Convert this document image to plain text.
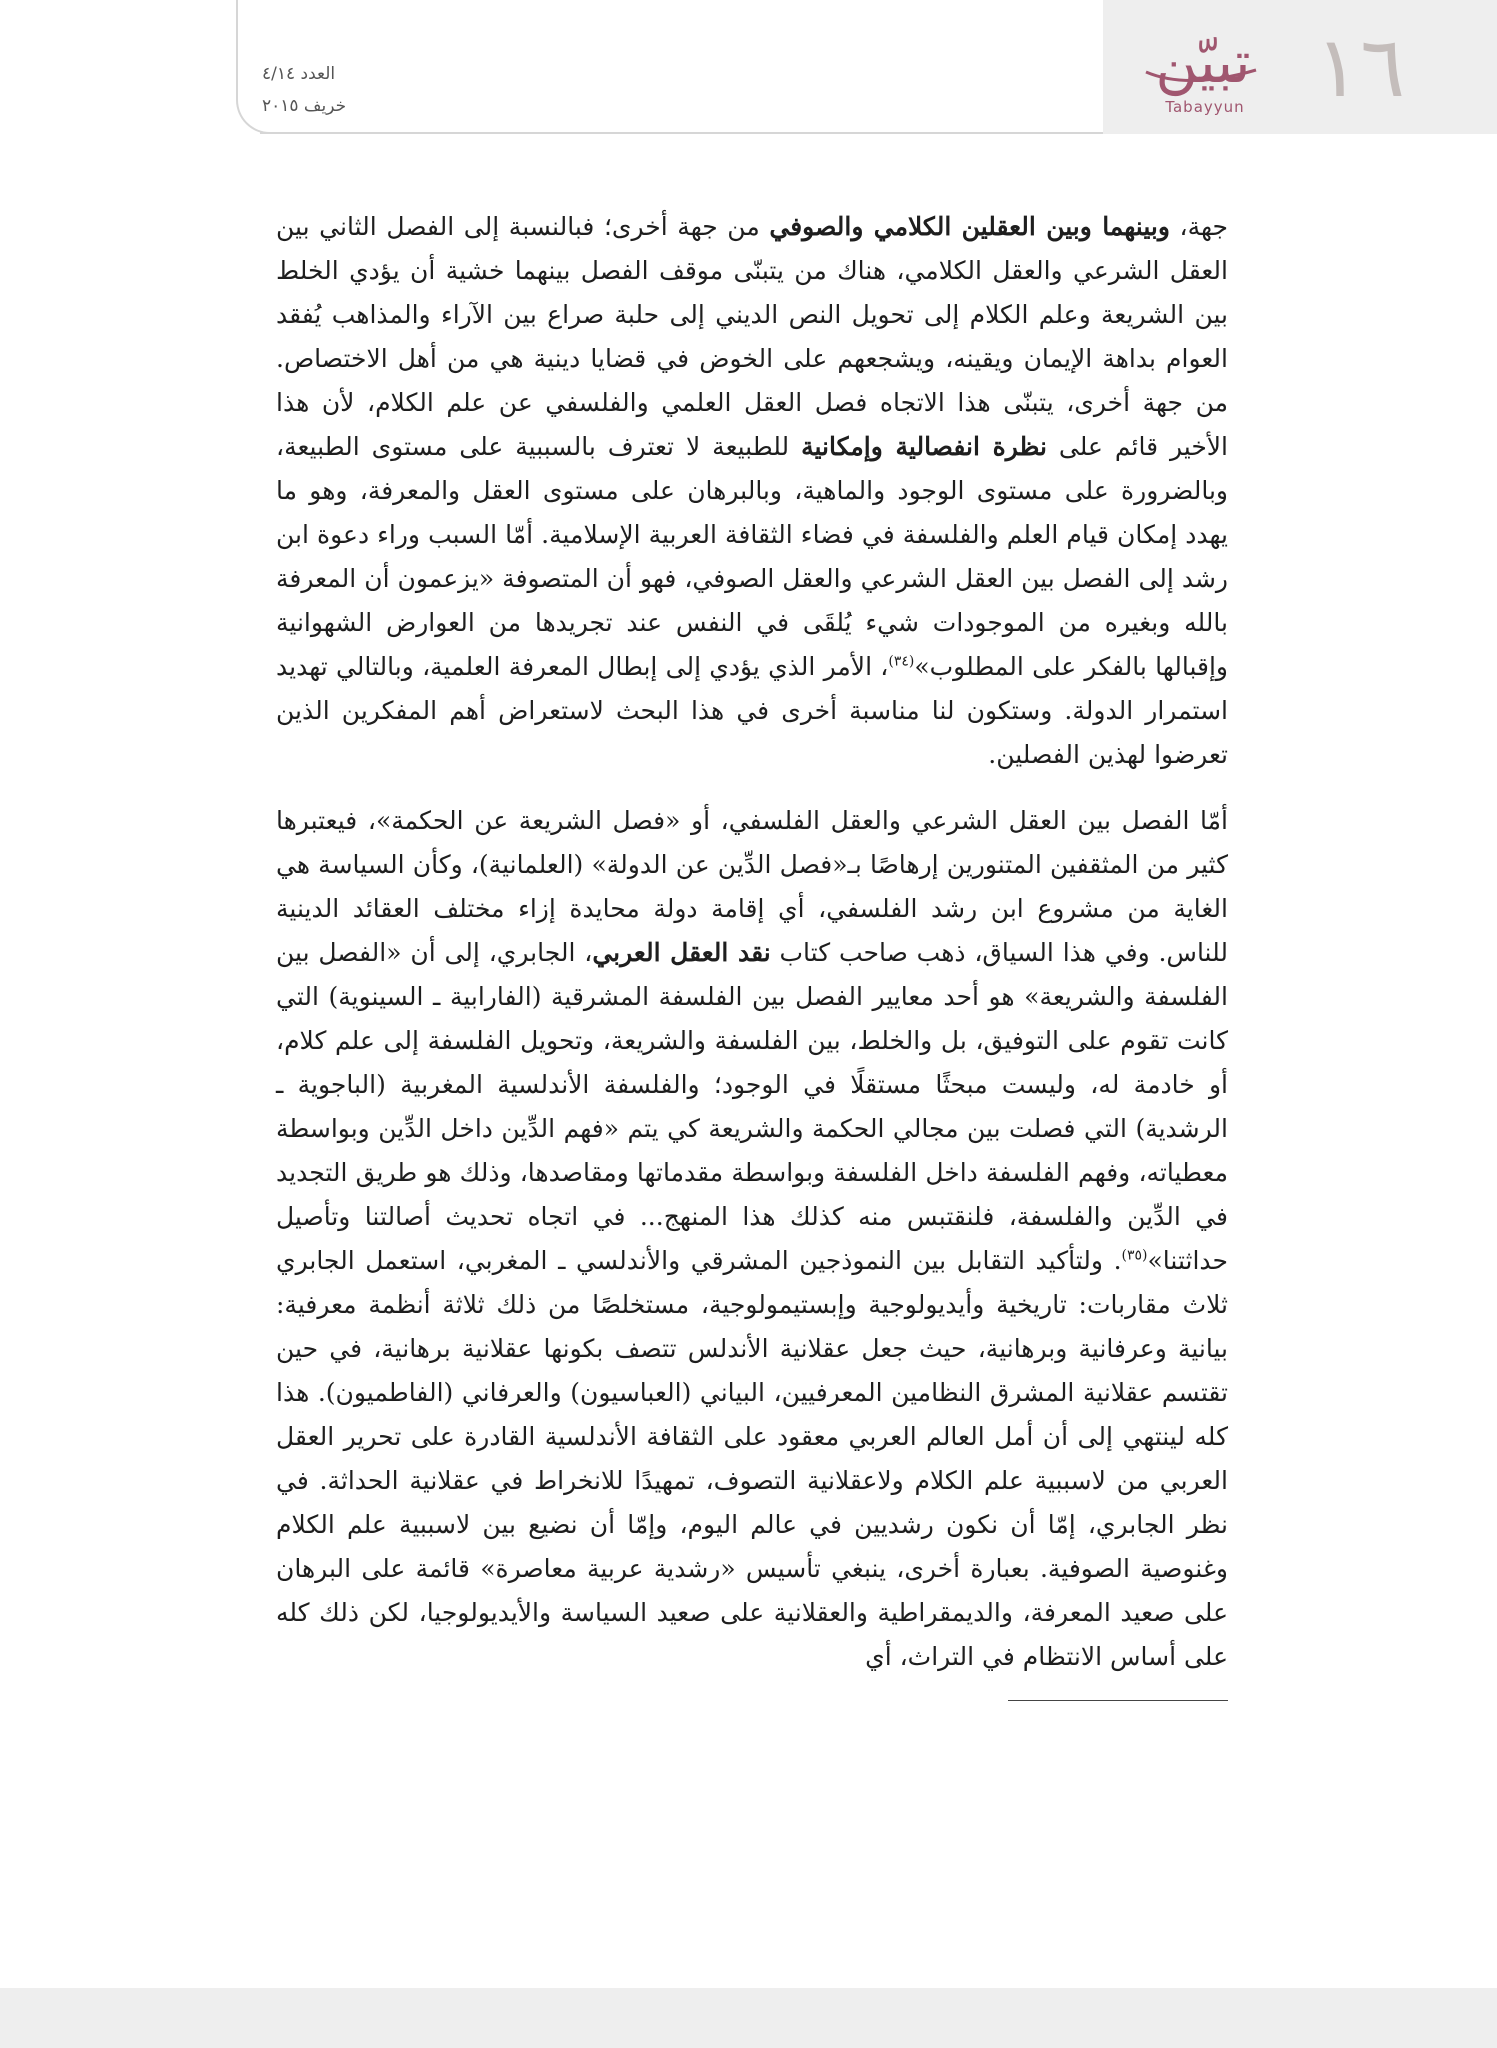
العدد ٤/١٤
خريف ٢٠١٥	١٦
تبيّن
Tabayyun

جهة، وبينهما وبين العقلين الكلامي والصوفي من جهة أخرى؛ فبالنسبة إلى الفصل الثاني بين العقل الشرعي والعقل الكلامي، هناك من يتبنّى موقف الفصل بينهما خشية أن يؤدي الخلط بين الشريعة وعلم الكلام إلى تحويل النص الديني إلى حلبة صراع بين الآراء والمذاهب يُفقد العوام بداهة الإيمان ويقينه، ويشجعهم على الخوض في قضايا دينية هي من أهل الاختصاص. من جهة أخرى، يتبنّى هذا الاتجاه فصل العقل العلمي والفلسفي عن علم الكلام، لأن هذا الأخير قائم على نظرة انفصالية وإمكانية للطبيعة لا تعترف بالسببية على مستوى الطبيعة، وبالضرورة على مستوى الوجود والماهية، وبالبرهان على مستوى العقل والمعرفة، وهو ما يهدد إمكان قيام العلم والفلسفة في فضاء الثقافة العربية الإسلامية. أمّا السبب وراء دعوة ابن رشد إلى الفصل بين العقل الشرعي والعقل الصوفي، فهو أن المتصوفة «يزعمون أن المعرفة بالله وبغيره من الموجودات شيء يُلقَى في النفس عند تجريدها من العوارض الشهوانية وإقبالها بالفكر على المطلوب»$^{(٣٤)}$، الأمر الذي يؤدي إلى إبطال المعرفة العلمية، وبالتالي تهديد استمرار الدولة. وستكون لنا مناسبة أخرى في هذا البحث لاستعراض أهم المفكرين الذين تعرضوا لهذين الفصلين.

أمّا الفصل بين العقل الشرعي والعقل الفلسفي، أو «فصل الشريعة عن الحكمة»، فيعتبرها كثير من المثقفين المتنورين إرهاصًا بـ«فصل الدِّين عن الدولة» (العلمانية)، وكأن السياسة هي الغاية من مشروع ابن رشد الفلسفي، أي إقامة دولة محايدة إزاء مختلف العقائد الدينية للناس. وفي هذا السياق، ذهب صاحب كتاب نقد العقل العربي، الجابري، إلى أن «الفصل بين الفلسفة والشريعة» هو أحد معايير الفصل بين الفلسفة المشرقية (الفارابية ـ السينوية) التي كانت تقوم على التوفيق، بل والخلط، بين الفلسفة والشريعة، وتحويل الفلسفة إلى علم كلام، أو خادمة له، وليست مبحثًا مستقلًا في الوجود؛ والفلسفة الأندلسية المغربية (الباجوية ـ الرشدية) التي فصلت بين مجالي الحكمة والشريعة كي يتم «فهم الدِّين داخل الدِّين وبواسطة معطياته، وفهم الفلسفة داخل الفلسفة وبواسطة مقدماتها ومقاصدها، وذلك هو طريق التجديد في الدِّين والفلسفة، فلنقتبس منه كذلك هذا المنهج... في اتجاه تحديث أصالتنا وتأصيل حداثتنا»$^{(٣٥)}$. ولتأكيد التقابل بين النموذجين المشرقي والأندلسي ـ المغربي، استعمل الجابري ثلاث مقاربات: تاريخية وأيديولوجية وإبستيمولوجية، مستخلصًا من ذلك ثلاثة أنظمة معرفية: بيانية وعرفانية وبرهانية، حيث جعل عقلانية الأندلس تتصف بكونها عقلانية برهانية، في حين تقتسم عقلانية المشرق النظامين المعرفيين، البياني (العباسيون) والعرفاني (الفاطميون). هذا كله لينتهي إلى أن أمل العالم العربي معقود على الثقافة الأندلسية القادرة على تحرير العقل العربي من لاسببية علم الكلام ولاعقلانية التصوف، تمهيدًا للانخراط في عقلانية الحداثة. في نظر الجابري، إمّا أن نكون رشديين في عالم اليوم، وإمّا أن نضيع بين لاسببية علم الكلام وغنوصية الصوفية. بعبارة أخرى، ينبغي تأسيس «رشدية عربية معاصرة» قائمة على البرهان على صعيد المعرفة، والديمقراطية والعقلانية على صعيد السياسة والأيديولوجيا، لكن ذلك كله على أساس الانتظام في التراث، أي
